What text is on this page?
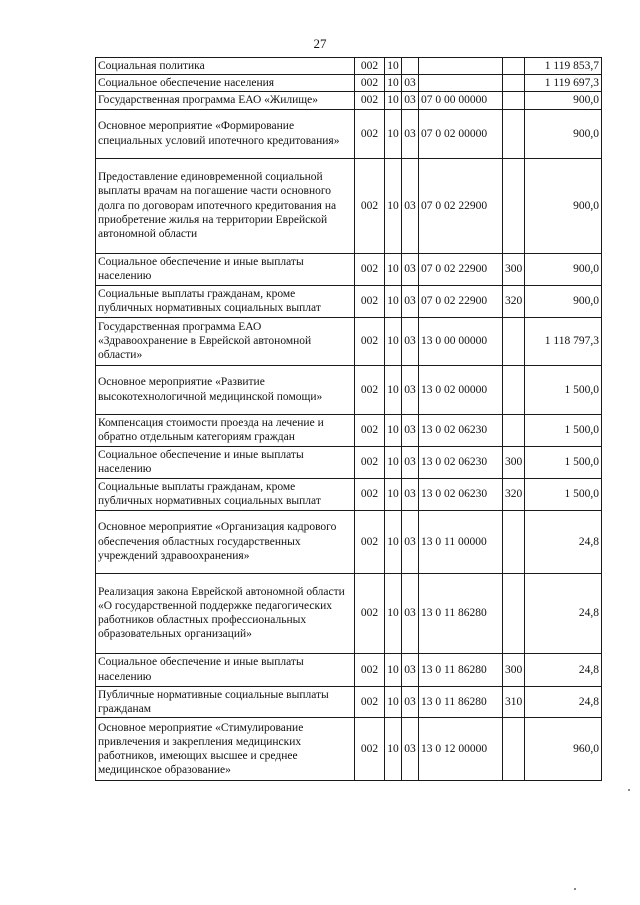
27
Социальная политика	002	10				1 119 853,7
Социальное обеспечение населения	002	10	03			1 119 697,3
Государственная программа ЕАО «Жилище»	002	10	03	07 0 00 00000		900,0
Основное мероприятие «Формирование специальных условий ипотечного кредитования»	002	10	03	07 0 02 00000		900,0
Предоставление единовременной социальной выплаты врачам на погашение части основного долга по договорам ипотечного кредитования на приобретение жилья на территории Еврейской автономной области	002	10	03	07 0 02 22900		900,0
Социальное обеспечение и иные выплаты населению	002	10	03	07 0 02 22900	300	900,0
Социальные выплаты гражданам, кроме публичных нормативных социальных выплат	002	10	03	07 0 02 22900	320	900,0
Государственная программа ЕАО «Здравоохранение в Еврейской автономной области»	002	10	03	13 0 00 00000		1 118 797,3
Основное мероприятие «Развитие высокотехнологичной медицинской помощи»	002	10	03	13 0 02 00000		1 500,0
Компенсация стоимости проезда на лечение и обратно отдельным категориям граждан	002	10	03	13 0 02 06230		1 500,0
Социальное обеспечение и иные выплаты населению	002	10	03	13 0 02 06230	300	1 500,0
Социальные выплаты гражданам, кроме публичных нормативных социальных выплат	002	10	03	13 0 02 06230	320	1 500,0
Основное мероприятие «Организация кадрового обеспечения областных государственных учреждений здравоохранения»	002	10	03	13 0 11 00000		24,8
Реализация закона Еврейской автономной области «О государственной поддержке педагогических работников областных профессиональных образовательных организаций»	002	10	03	13 0 11 86280		24,8
Социальное обеспечение и иные выплаты населению	002	10	03	13 0 11 86280	300	24,8
Публичные нормативные социальные выплаты гражданам	002	10	03	13 0 11 86280	310	24,8
Основное мероприятие «Стимулирование привлечения и закрепления медицинских работников, имеющих высшее и среднее медицинское образование»	002	10	03	13 0 12 00000		960,0
